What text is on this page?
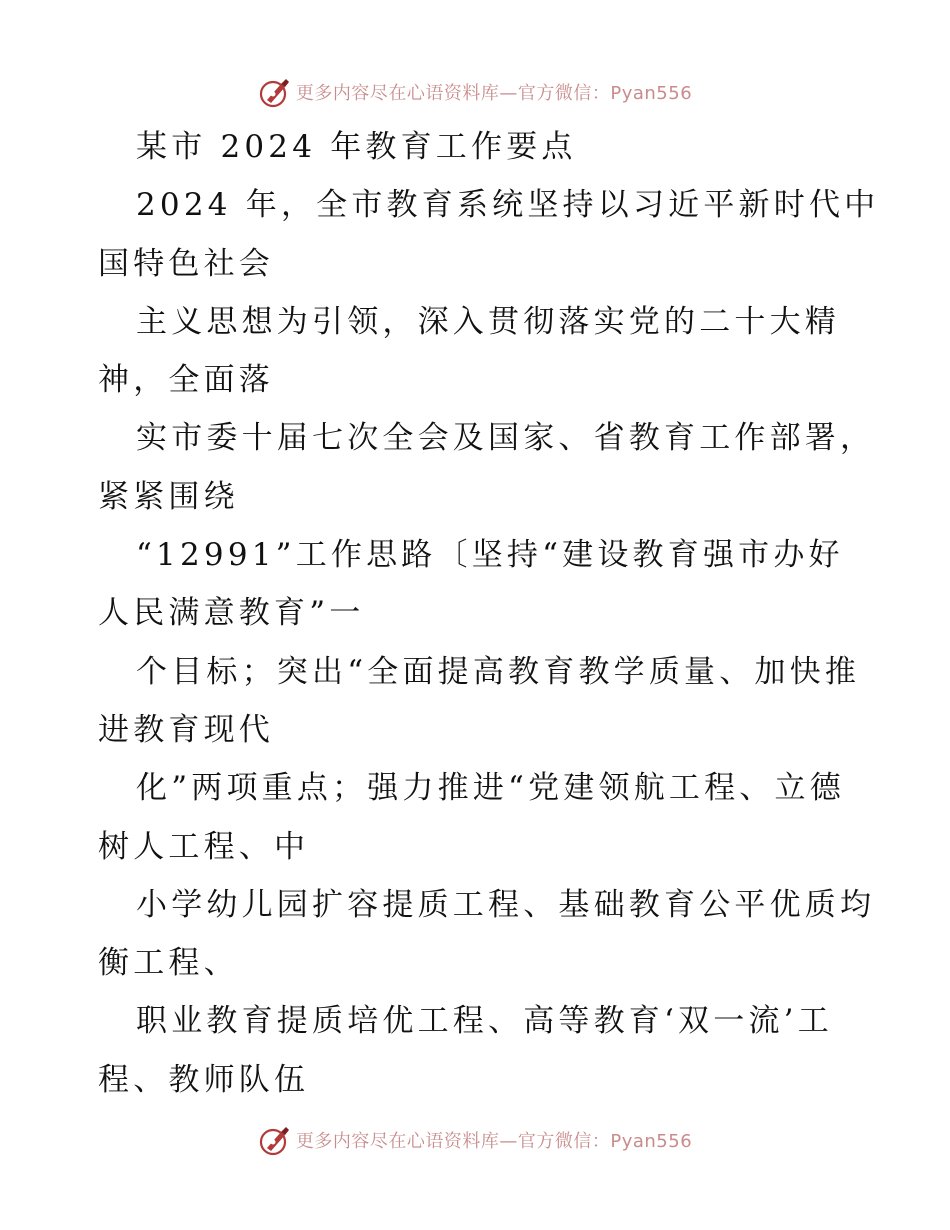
更多内容尽在心语资料库—官方微信：Pyan556
某市 2024 年教育工作要点
2024 年，全市教育系统坚持以习近平新时代中
国特色社会
主义思想为引领，深入贯彻落实党的二十大精
神，全面落
实市委十届七次全会及国家、省教育工作部署，
紧紧围绕
“12991”工作思路〔坚持“建设教育强市办好
人民满意教育”一
个目标；突出“全面提高教育教学质量、加快推
进教育现代
化”两项重点；强力推进“党建领航工程、立德
树人工程、中
小学幼儿园扩容提质工程、基础教育公平优质均
衡工程、
职业教育提质培优工程、高等教育‘双一流’工
程、教师队伍
更多内容尽在心语资料库—官方微信：Pyan556
